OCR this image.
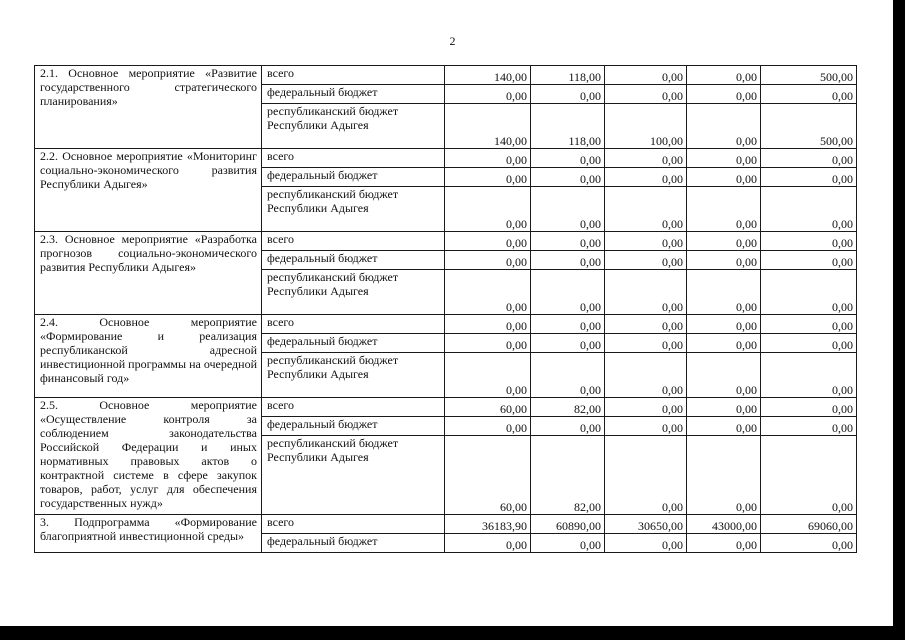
2
2.1. Основное мероприятие «Развитие государственного стратегического планирования»	всего	140,00	118,00	0,00	0,00	500,00
	федеральный бюджет	0,00	0,00	0,00	0,00	0,00
	республиканский бюджет Республики Адыгея	140,00	118,00	100,00	0,00	500,00
2.2. Основное мероприятие «Мониторинг социально-экономического развития Республики Адыгея»	всего	0,00	0,00	0,00	0,00	0,00
	федеральный бюджет	0,00	0,00	0,00	0,00	0,00
	республиканский бюджет Республики Адыгея	0,00	0,00	0,00	0,00	0,00
2.3. Основное мероприятие «Разработка прогнозов социально-экономического развития Республики Адыгея»	всего	0,00	0,00	0,00	0,00	0,00
	федеральный бюджет	0,00	0,00	0,00	0,00	0,00
	республиканский бюджет Республики Адыгея	0,00	0,00	0,00	0,00	0,00
2.4. Основное мероприятие «Формирование и реализация республиканской адресной инвестиционной программы на очередной финансовый год»	всего	0,00	0,00	0,00	0,00	0,00
	федеральный бюджет	0,00	0,00	0,00	0,00	0,00
	республиканский бюджет Республики Адыгея	0,00	0,00	0,00	0,00	0,00
2.5. Основное мероприятие «Осуществление контроля за соблюдением законодательства Российской Федерации и иных нормативных правовых актов о контрактной системе в сфере закупок товаров, работ, услуг для обеспечения государственных нужд»	всего	60,00	82,00	0,00	0,00	0,00
	федеральный бюджет	0,00	0,00	0,00	0,00	0,00
	республиканский бюджет Республики Адыгея	60,00	82,00	0,00	0,00	0,00
3. Подпрограмма «Формирование благоприятной инвестиционной среды»	всего	36183,90	60890,00	30650,00	43000,00	69060,00
	федеральный бюджет	0,00	0,00	0,00	0,00	0,00
